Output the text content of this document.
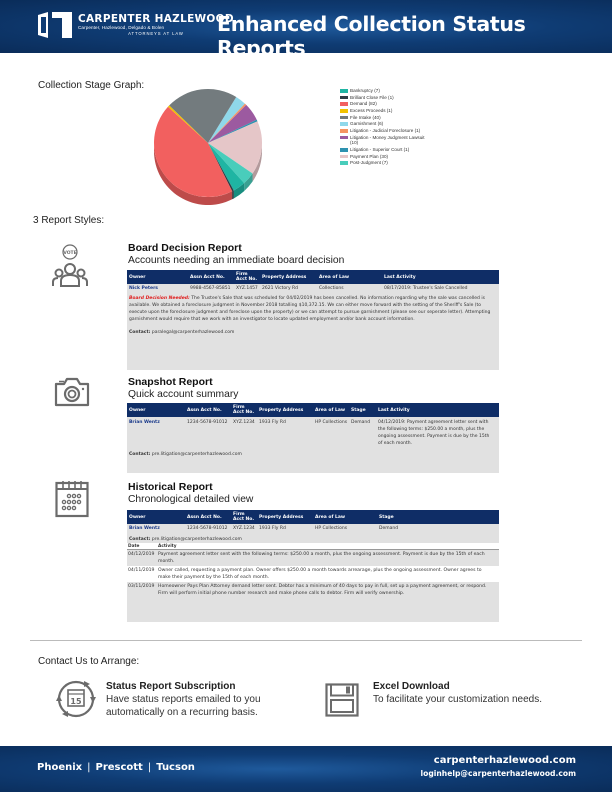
CARPENTER HAZLEWOOD
Carpenter, Hazlewood, Delgado & Bolen
ATTORNEYS AT LAW	Enhanced Collection Status Reports
Collection Stage Graph:	Bankruptcy (7)
Brilliant Close File (1)
Demand (82)
Excess Proceeds (1)
File Intake (40)
Garnishment (6)
Litigation - Judicial Foreclosure (1)
Litigation - Money Judgment Lawsuit (10)
Litigation - Superior Court (1)
Payment Plan (30)
Post-Judgment (7)
3 Report Styles:
VOTE	Board Decision Report
Accounts needing an immediate board decision
Owner	Assn Acct No.	Firm Acct No.	Property Address	Area of Law	Last Activity
Nick Peters	9988-4567-85851	XYZ.1457 2621 Victory Rd	Collections	08/17/2019: Trustee's Sale Cancelled
Board Decision Needed: The Trustee's Sale that was scheduled for 04/02/2019 has been cancelled. No information regarding why the sale was cancelled is available. We obtained a foreclosure judgment in November 2018 totalling $10,372.15. We can either move forward with the setting of the Sheriff's Sale (to execute upon the foreclosure judgment and foreclose upon the property) or we can attempt to pursue garnishment (please see our seperate letter). Attempting garnishment would require that we work with an investigator to locate updated employment and/or bank account information.
Contact: paralegal@carpenterhazlewood.com
Snapshot Report
Quick account summary
Owner	Assn Acct No.	Firm Acct No.	Property Address	Area of Law	Stage	Last Activity
Brian Wentz	1234-5678-91012	XYZ.1234 1933 Fly Rd	HP Collections Demand	04/12/2019: Payment agreement letter sent with the following terms: $250.00 a month, plus the ongoing assessment. Payment is due by the 15th of each month.
Contact: pre.litigation@carpenterhazlewood.com
Historical Report
Chronological detailed view
Owner	Assn Acct No.	Firm Acct No.	Property Address	Area of Law	Stage
Brian Wentz	1234-5678-91012	XYZ.1234 1933 Fly Rd	HP Collections	Demand
Contact: pre.litigation@carpenterhazlewood.com
Date	Activity
04/12/2019 Payment agreement letter sent with the following terms: $250.00 a month, plus the ongoing assessment. Payment is due by the 15th of each month.
04/11/2019 Owner called, requesting a payment plan. Owner offers $250.00 a month towards arrearage, plus the ongoing assessment. Owner agrees to make their payment by the 15th of each month.
03/11/2019 Homeowner Pays Plan Attorney demand letter sent. Debtor has a minimum of 40 days to pay in full, set up a payment agreement, or respond. Firm will perform initial phone number research and make phone calls to debtor. Firm will verify ownership.
Contact Us to Arrange:
15
Status Report Subscription
Have status reports emailed to you
automatically on a recurring basis.
Excel Download
To facilitate your customization needs.
Phoenix | Prescott | Tucson
carpenterhazlewood.com
loginhelp@carpenterhazlewood.com
